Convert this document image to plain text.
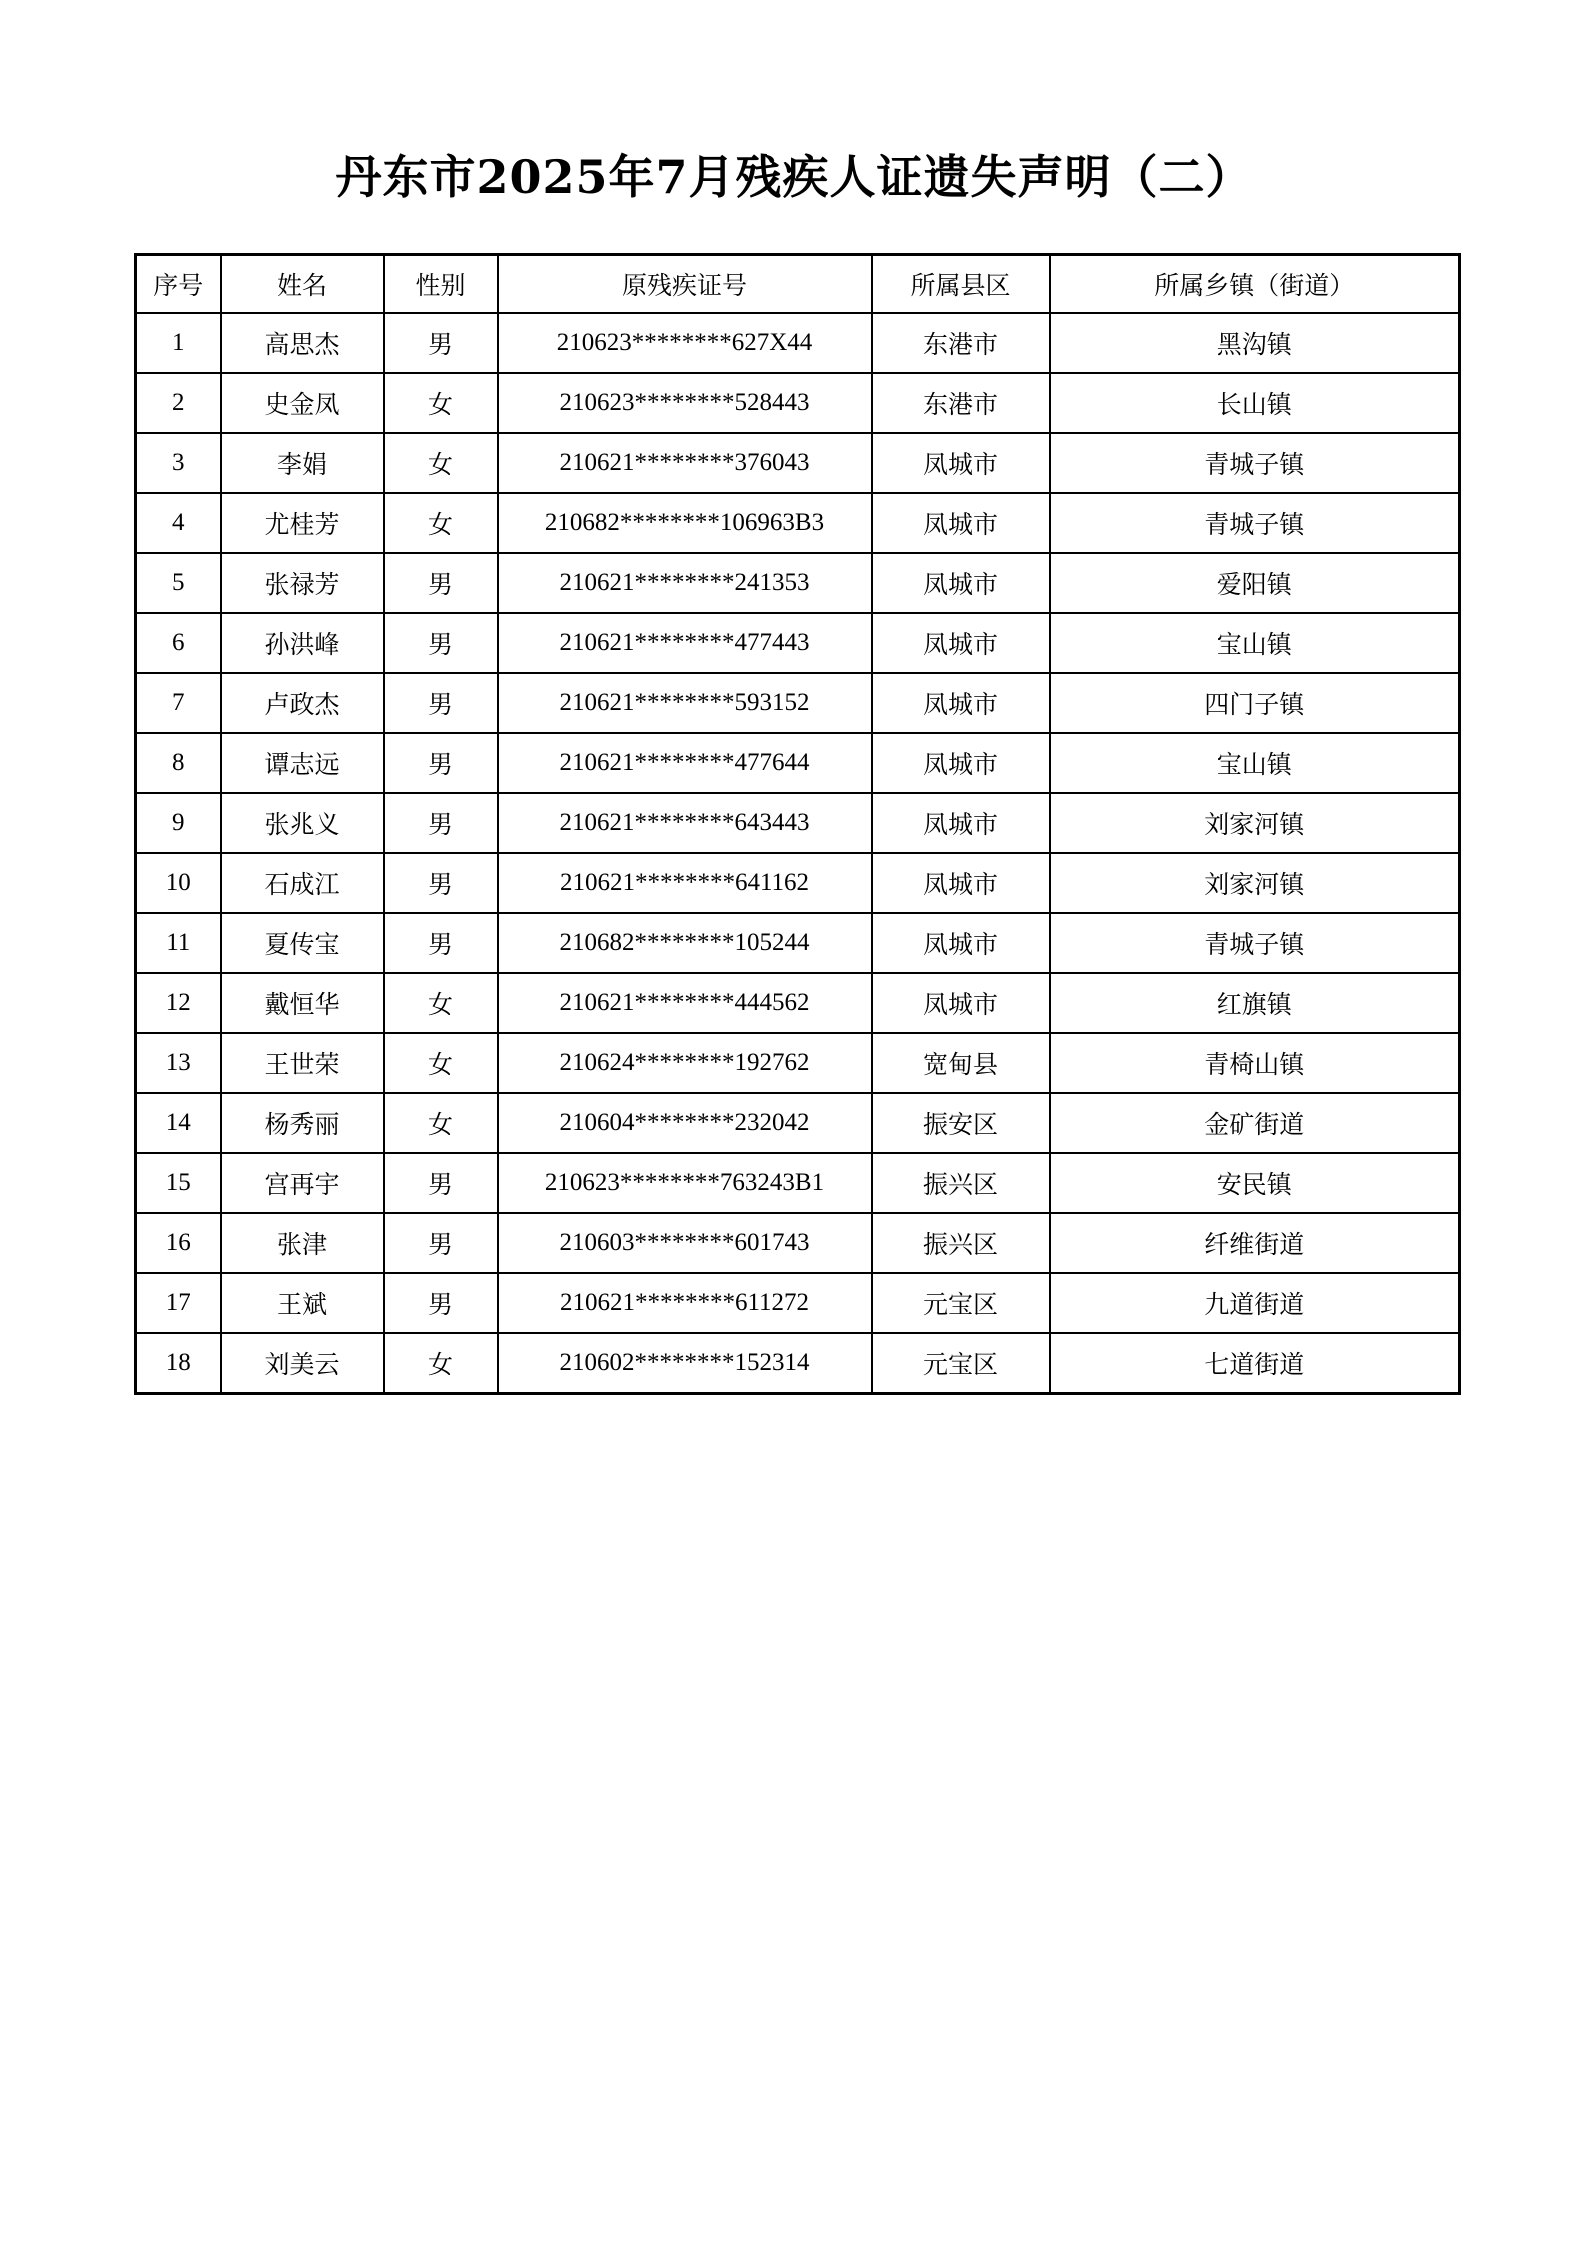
丹东市2025年7月残疾人证遗失声明（二）
序号	姓名	性别	原残疾证号	所属县区	所属乡镇（街道）
1	高思杰	男	210623********627X44	东港市	黑沟镇
2	史金凤	女	210623********528443	东港市	长山镇
3	李娟	女	210621********376043	凤城市	青城子镇
4	尤桂芳	女	210682********106963B3	凤城市	青城子镇
5	张禄芳	男	210621********241353	凤城市	爱阳镇
6	孙洪峰	男	210621********477443	凤城市	宝山镇
7	卢政杰	男	210621********593152	凤城市	四门子镇
8	谭志远	男	210621********477644	凤城市	宝山镇
9	张兆义	男	210621********643443	凤城市	刘家河镇
10	石成江	男	210621********641162	凤城市	刘家河镇
11	夏传宝	男	210682********105244	凤城市	青城子镇
12	戴恒华	女	210621********444562	凤城市	红旗镇
13	王世荣	女	210624********192762	宽甸县	青椅山镇
14	杨秀丽	女	210604********232042	振安区	金矿街道
15	宫再宇	男	210623********763243B1	振兴区	安民镇
16	张津	男	210603********601743	振兴区	纤维街道
17	王斌	男	210621********611272	元宝区	九道街道
18	刘美云	女	210602********152314	元宝区	七道街道
